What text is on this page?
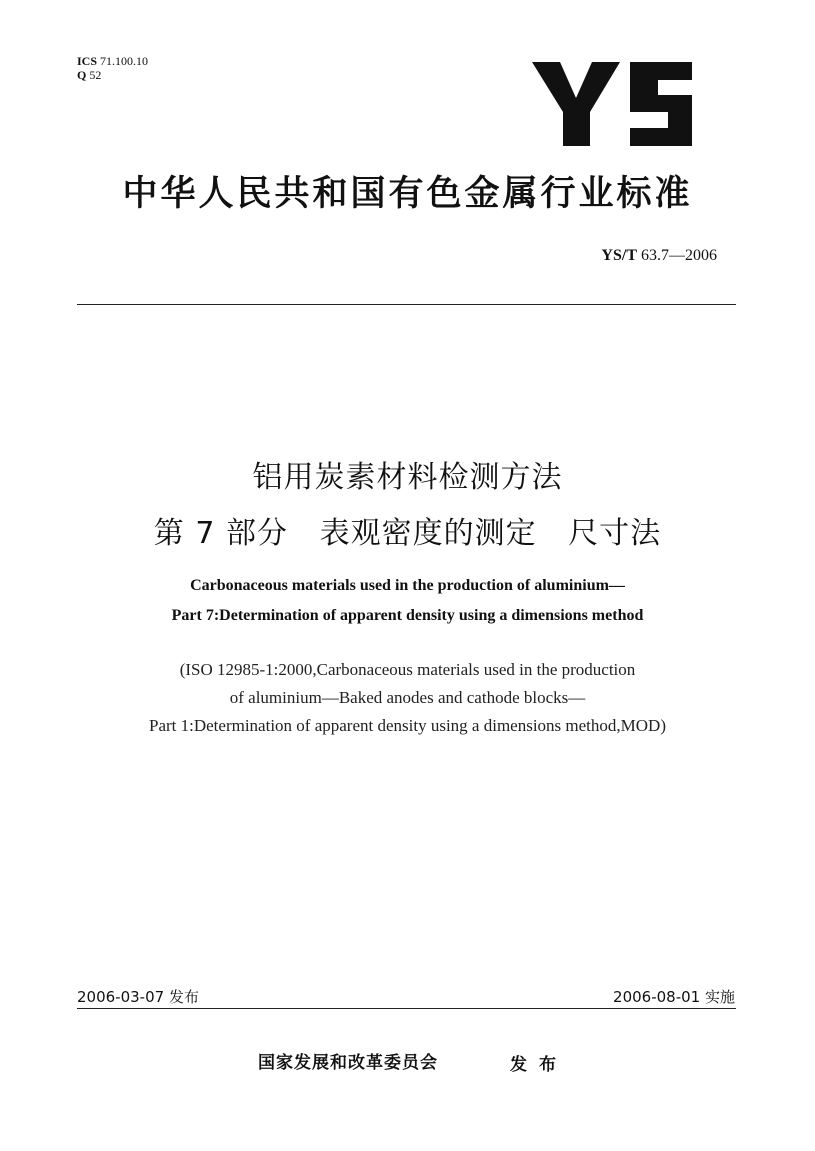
ICS 71.100.10
Q 52
中华人民共和国有色金属行业标准
YS/T 63.7—2006
铝用炭素材料检测方法
第 7 部分   表观密度的测定   尺寸法
Carbonaceous materials used in the production of aluminium—
Part 7:Determination of apparent density using a dimensions method
(ISO 12985-1:2000,Carbonaceous materials used in the production
of aluminium—Baked anodes and cathode blocks—
Part 1:Determination of apparent density using a dimensions method,MOD)
2006-03-07 发布	2006-08-01 实施
国家发展和改革委员会	发布
